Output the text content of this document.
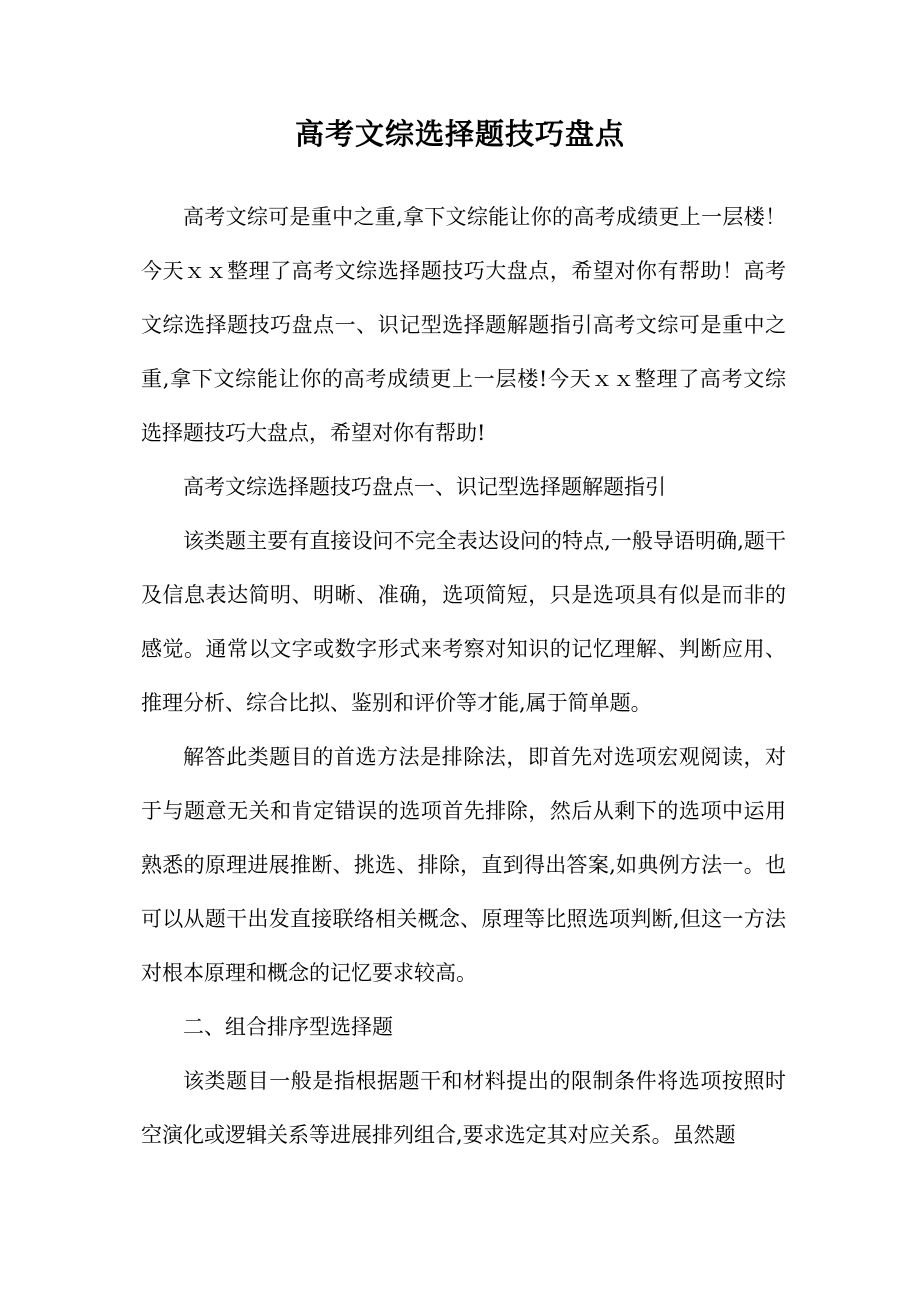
高考文综选择题技巧盘点

高考文综可是重中之重,拿下文综能让你的高考成绩更上一层楼！今天ｘｘ整理了高考文综选择题技巧大盘点，希望对你有帮助！高考文综选择题技巧盘点一、识记型选择题解题指引高考文综可是重中之重,拿下文综能让你的高考成绩更上一层楼!今天ｘｘ整理了高考文综选择题技巧大盘点，希望对你有帮助!

高考文综选择题技巧盘点一、识记型选择题解题指引

该类题主要有直接设问不完全表达设问的特点,一般导语明确,题干及信息表达简明、明晰、准确，选项简短，只是选项具有似是而非的感觉。通常以文字或数字形式来考察对知识的记忆理解、判断应用、推理分析、综合比拟、鉴别和评价等才能,属于简单题。

解答此类题目的首选方法是排除法，即首先对选项宏观阅读，对于与题意无关和肯定错误的选项首先排除，然后从剩下的选项中运用熟悉的原理进展推断、挑选、排除，直到得出答案,如典例方法一。也可以从题干出发直接联络相关概念、原理等比照选项判断,但这一方法对根本原理和概念的记忆要求较高。

二、组合排序型选择题

该类题目一般是指根据题干和材料提出的限制条件将选项按照时空演化或逻辑关系等进展排列组合,要求选定其对应关系。虽然题
